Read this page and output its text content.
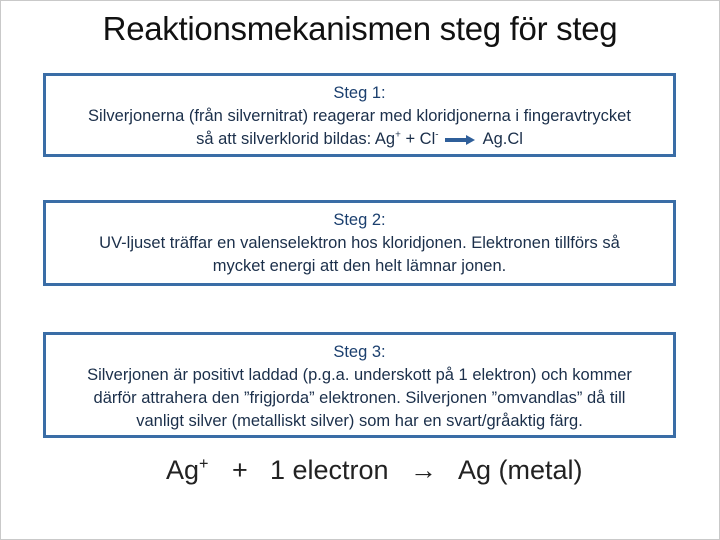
Reaktionsmekanismen steg för steg

Steg 1:

Silverjonerna (från silvernitrat) reagerar med kloridjonerna i fingeravtrycket

så att silverklorid bildas: Ag+ + Cl- → Ag.Cl

Steg 2:

UV-ljuset träffar en valenselektron hos kloridjonen. Elektronen tillförs så

mycket energi att den helt lämnar jonen.

Steg 3:

Silverjonen är positivt laddad (p.g.a. underskott på 1 elektron) och kommer

därför attrahera den ”frigjorda” elektronen. Silverjonen ”omvandlas” då till

vanligt silver (metalliskt silver) som har en svart/gråaktig färg.

Ag+ + 1 electron → Ag (metal)
